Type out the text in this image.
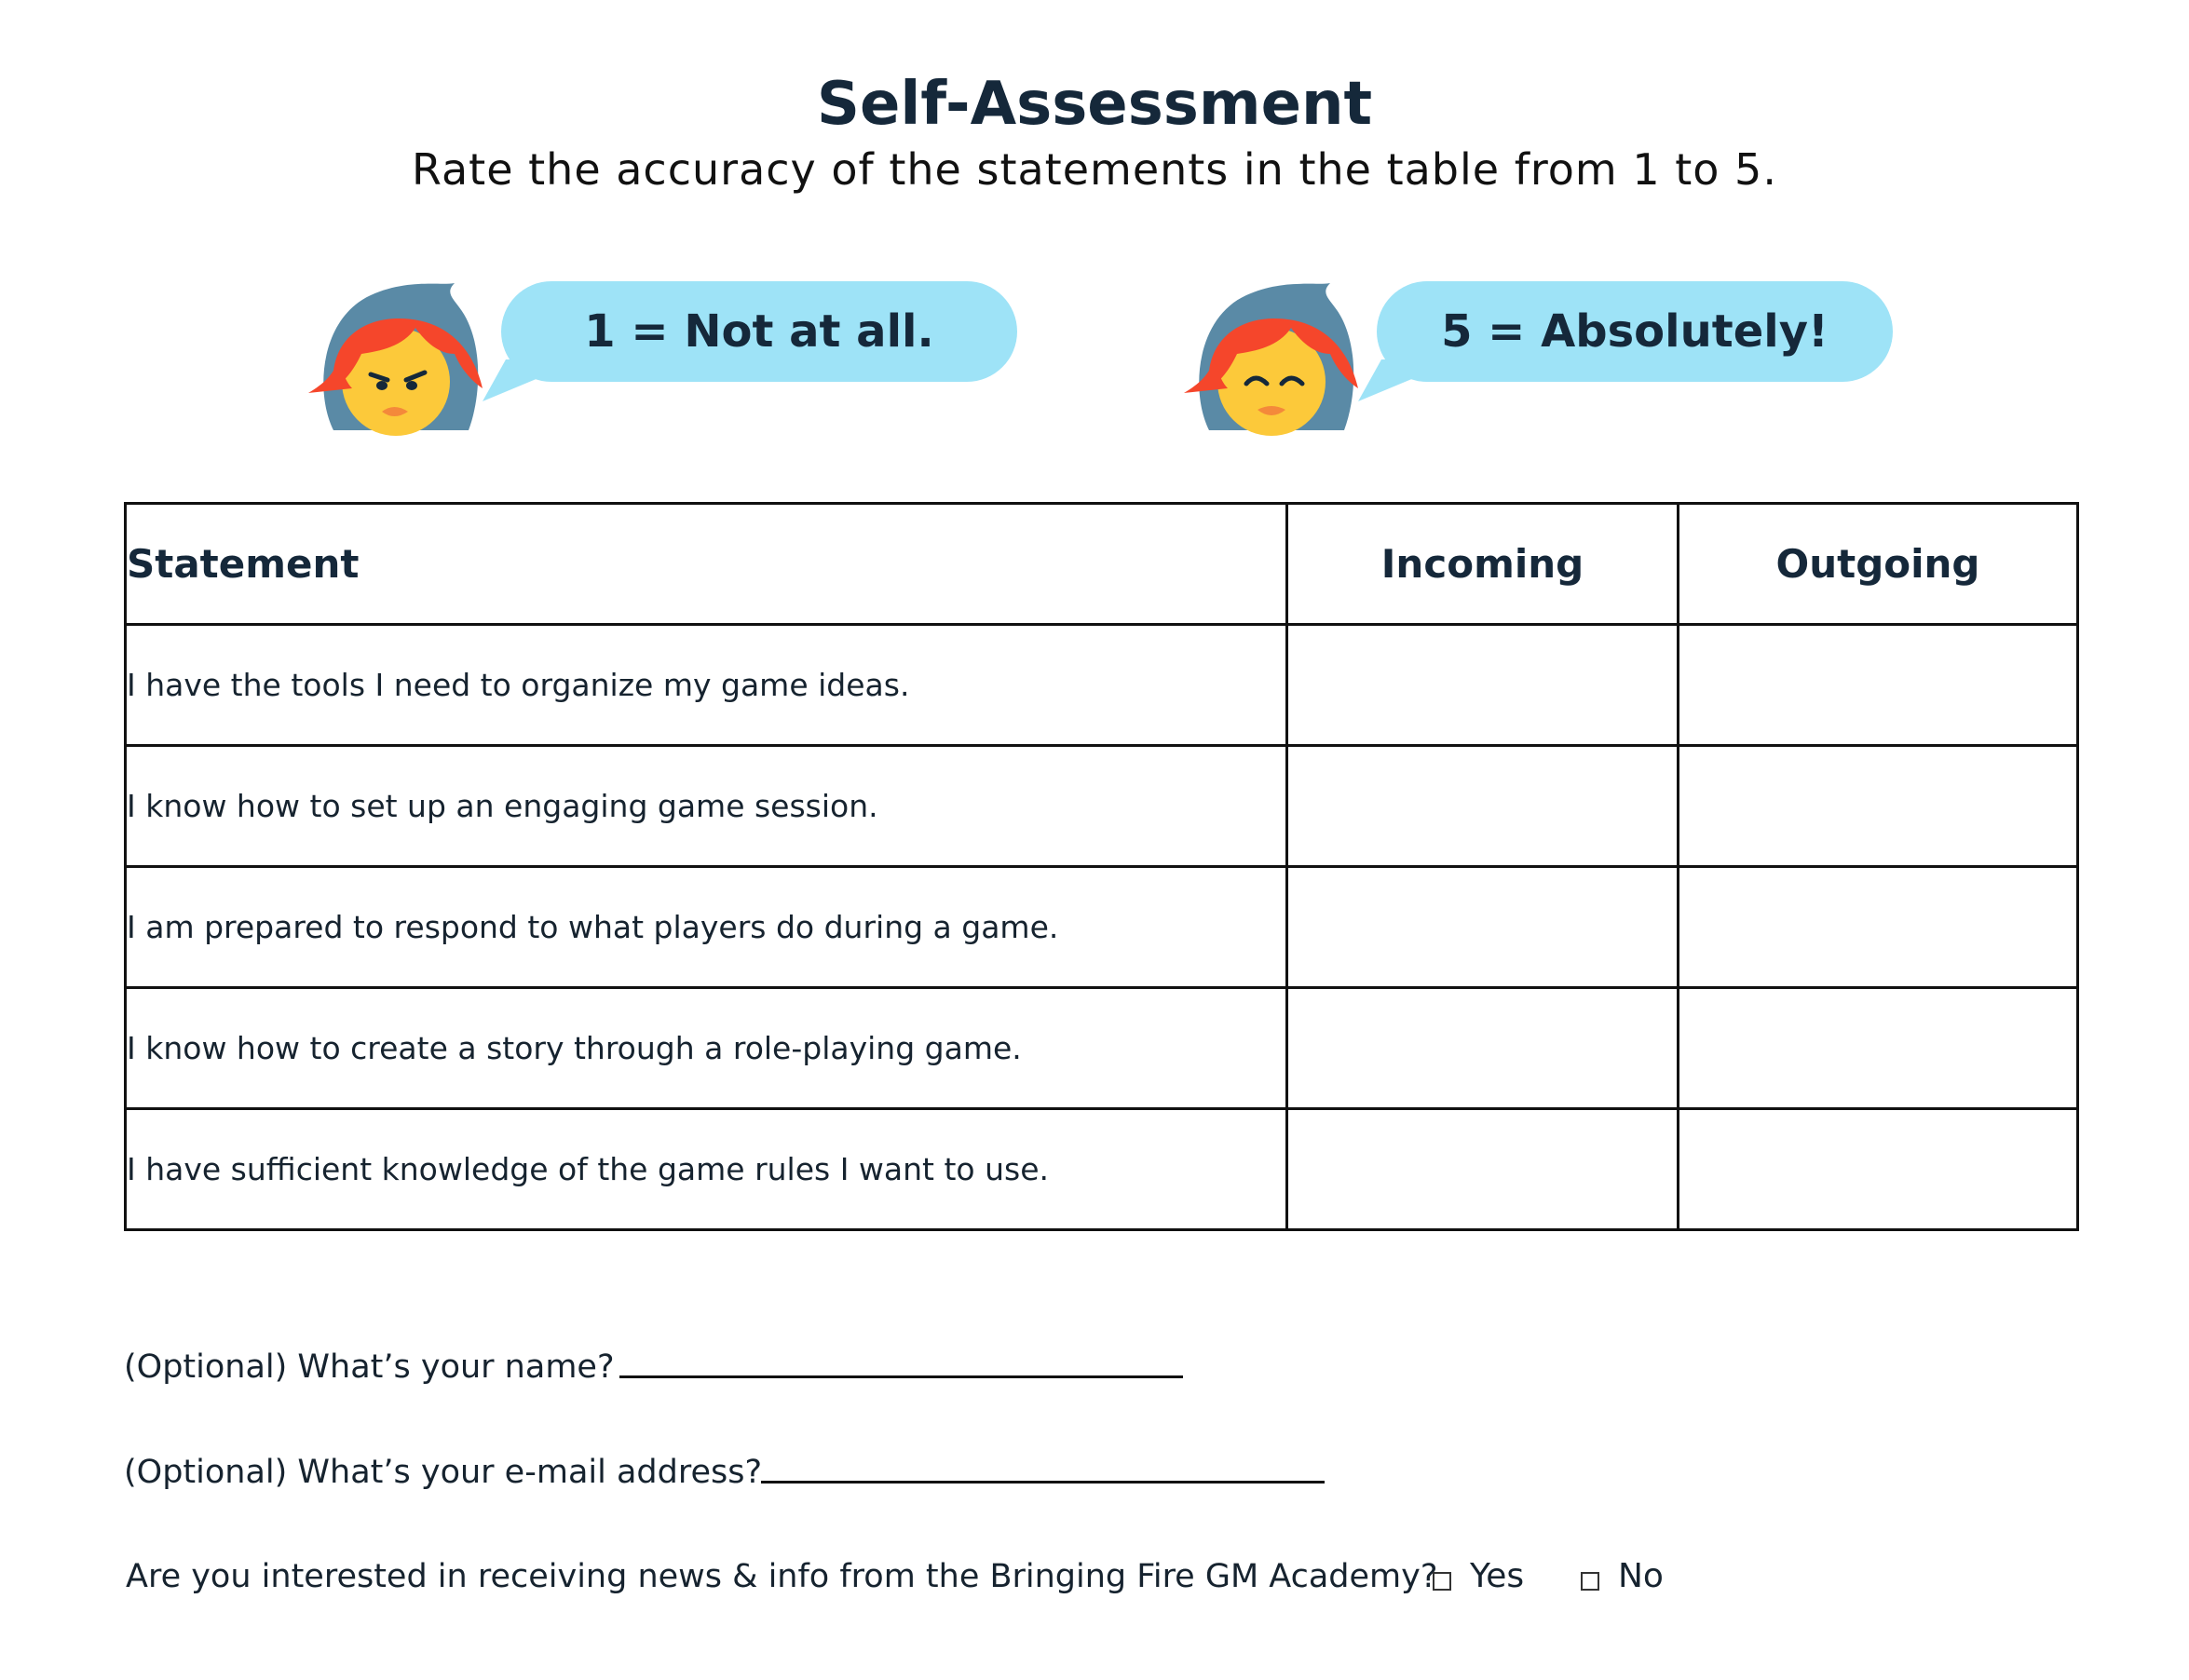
Self-Assessment
Rate the accuracy of the statements in the table from 1 to 5.
1 = Not at all.	5 = Absolutely!
Statement	Incoming	Outgoing
I have the tools I need to organize my game ideas.		
I know how to set up an engaging game session.		
I am prepared to respond to what players do during a game.		
I know how to create a story through a role-playing game.		
I have sufficient knowledge of the game rules I want to use.		
(Optional) What’s your name?
(Optional) What’s your e-mail address?
Are you interested in receiving news & info from the Bringing Fire GM Academy? Yes	No
